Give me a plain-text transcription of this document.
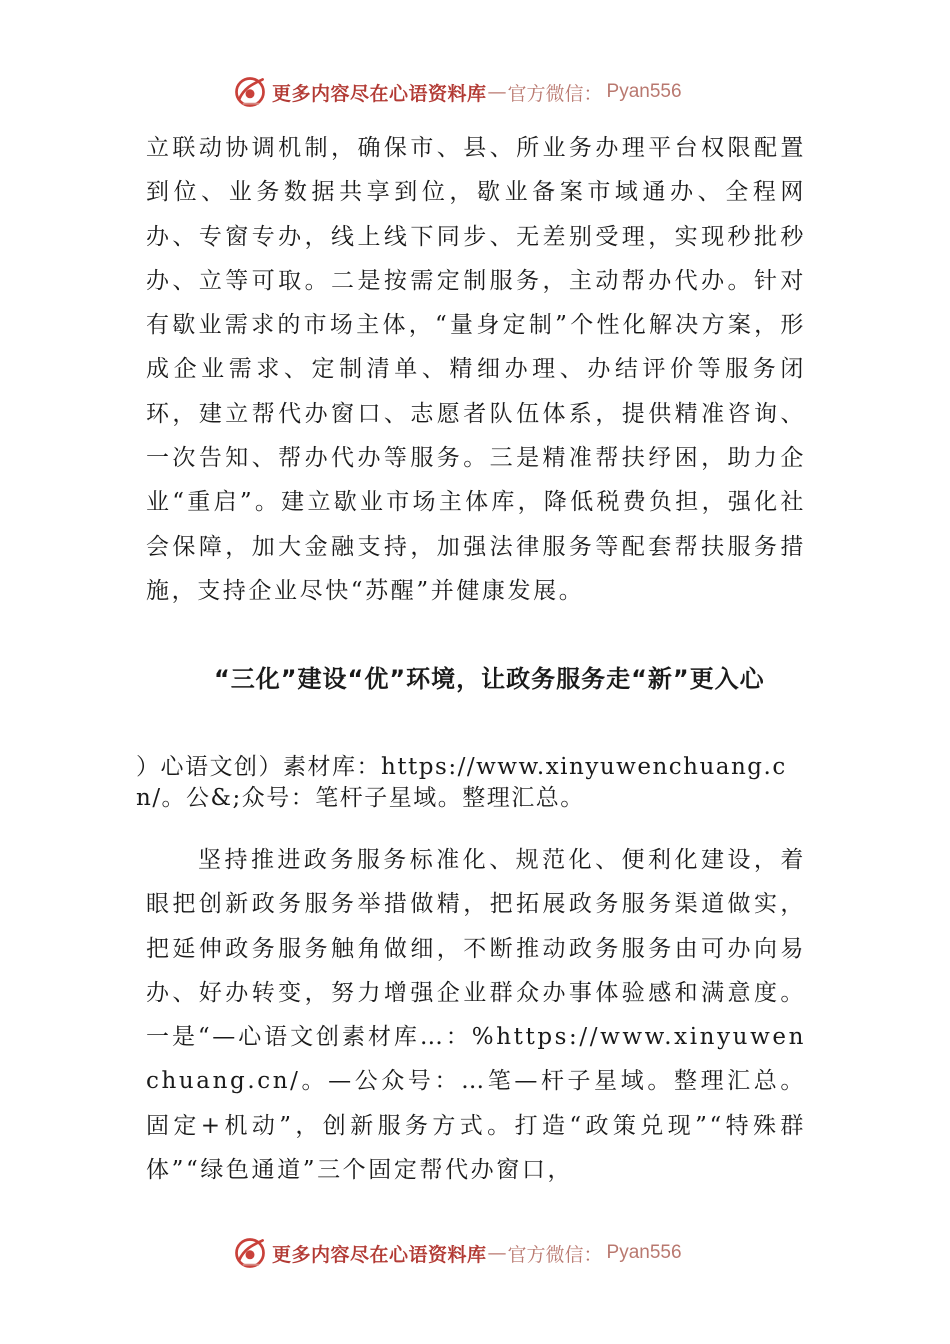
更多内容尽在心语资料库 — 官方微信： Pyan556

立联动协调机制，确保市、县、所业务办理平台权限配置到位、业务数据共享到位，歇业备案市域通办、全程网办、专窗专办，线上线下同步、无差别受理，实现秒批秒办、立等可取。二是按需定制服务，主动帮办代办。针对有歇业需求的市场主体，“量身定制”个性化解决方案，形成企业需求、定制清单、精细办理、办结评价等服务闭环，建立帮代办窗口、志愿者队伍体系，提供精准咨询、一次告知、帮办代办等服务。三是精准帮扶纾困，助力企业“重启”。建立歇业市场主体库，降低税费负担，强化社会保障，加大金融支持，加强法律服务等配套帮扶服务措施，支持企业尽快“苏醒”并健康发展。

“三化”建设“优”环境，让政务服务走“新”更入心

）心语文创）素材库：https://www.xinyuwenchuang.cn/。公&;众号：笔杆子星域。整理汇总。

坚持推进政务服务标准化、规范化、便利化建设，着眼把创新政务服务举措做精，把拓展政务服务渠道做实，把延伸政务服务触角做细，不断推动政务服务由可办向易办、好办转变，努力增强企业群众办事体验感和满意度。一是“—心语文创素材库…：%https://www.xinyuwenchuang.cn/。—公众号：…笔—杆子星域。整理汇总。固定+机动”，创新服务方式。打造“政策兑现”“特殊群体”“绿色通道”三个固定帮代办窗口，

更多内容尽在心语资料库 — 官方微信： Pyan556
